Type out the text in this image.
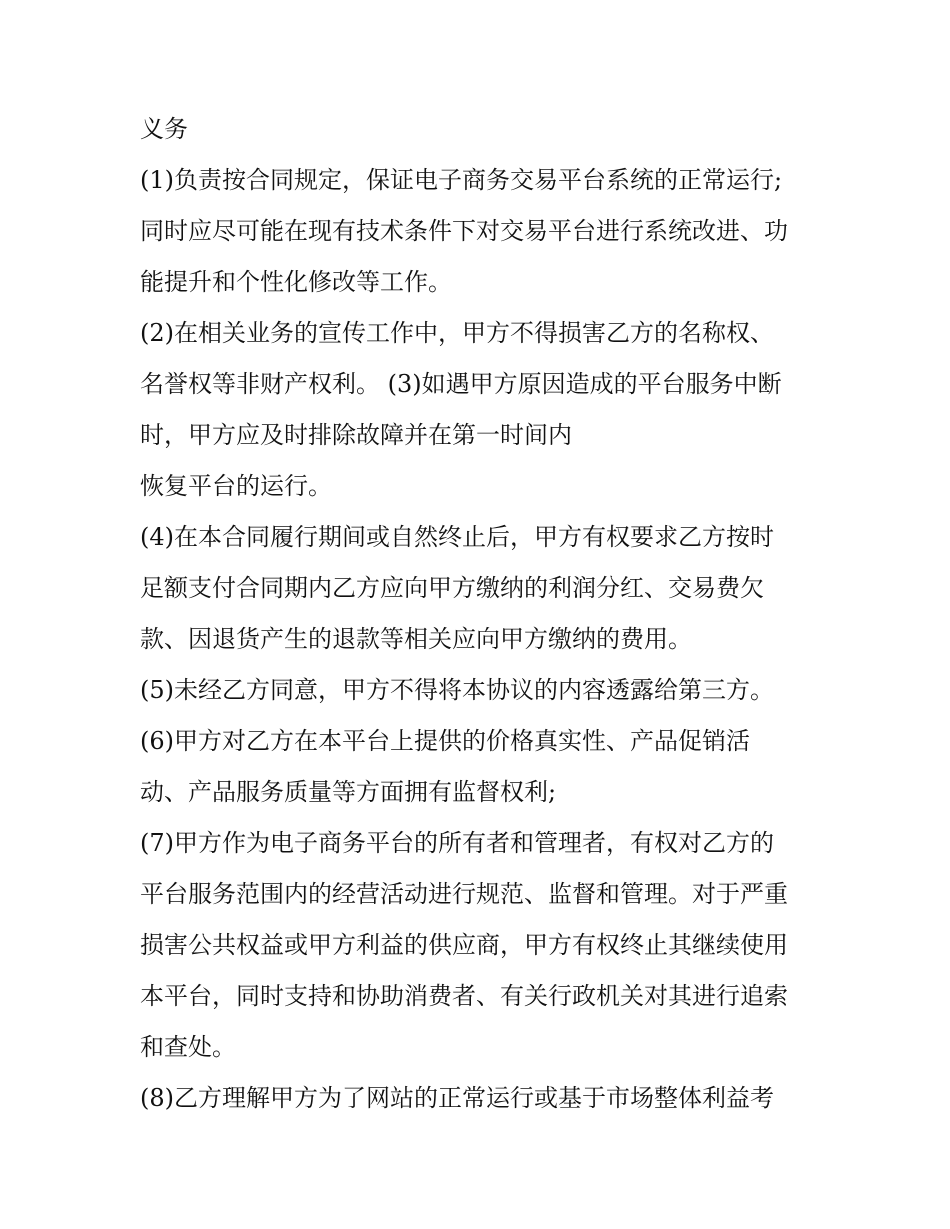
义务
(1)负责按合同规定，保证电子商务交易平台系统的正常运行;
同时应尽可能在现有技术条件下对交易平台进行系统改进、功
能提升和个性化修改等工作。
(2)在相关业务的宣传工作中，甲方不得损害乙方的名称权、
名誉权等非财产权利。 (3)如遇甲方原因造成的平台服务中断
时，甲方应及时排除故障并在第一时间内
恢复平台的运行。
(4)在本合同履行期间或自然终止后，甲方有权要求乙方按时
足额支付合同期内乙方应向甲方缴纳的利润分红、交易费欠
款、因退货产生的退款等相关应向甲方缴纳的费用。
(5)未经乙方同意，甲方不得将本协议的内容透露给第三方。
(6)甲方对乙方在本平台上提供的价格真实性、产品促销活
动、产品服务质量等方面拥有监督权利;
(7)甲方作为电子商务平台的所有者和管理者，有权对乙方的
平台服务范围内的经营活动进行规范、监督和管理。对于严重
损害公共权益或甲方利益的供应商，甲方有权终止其继续使用
本平台，同时支持和协助消费者、有关行政机关对其进行追索
和查处。
(8)乙方理解甲方为了网站的正常运行或基于市场整体利益考
